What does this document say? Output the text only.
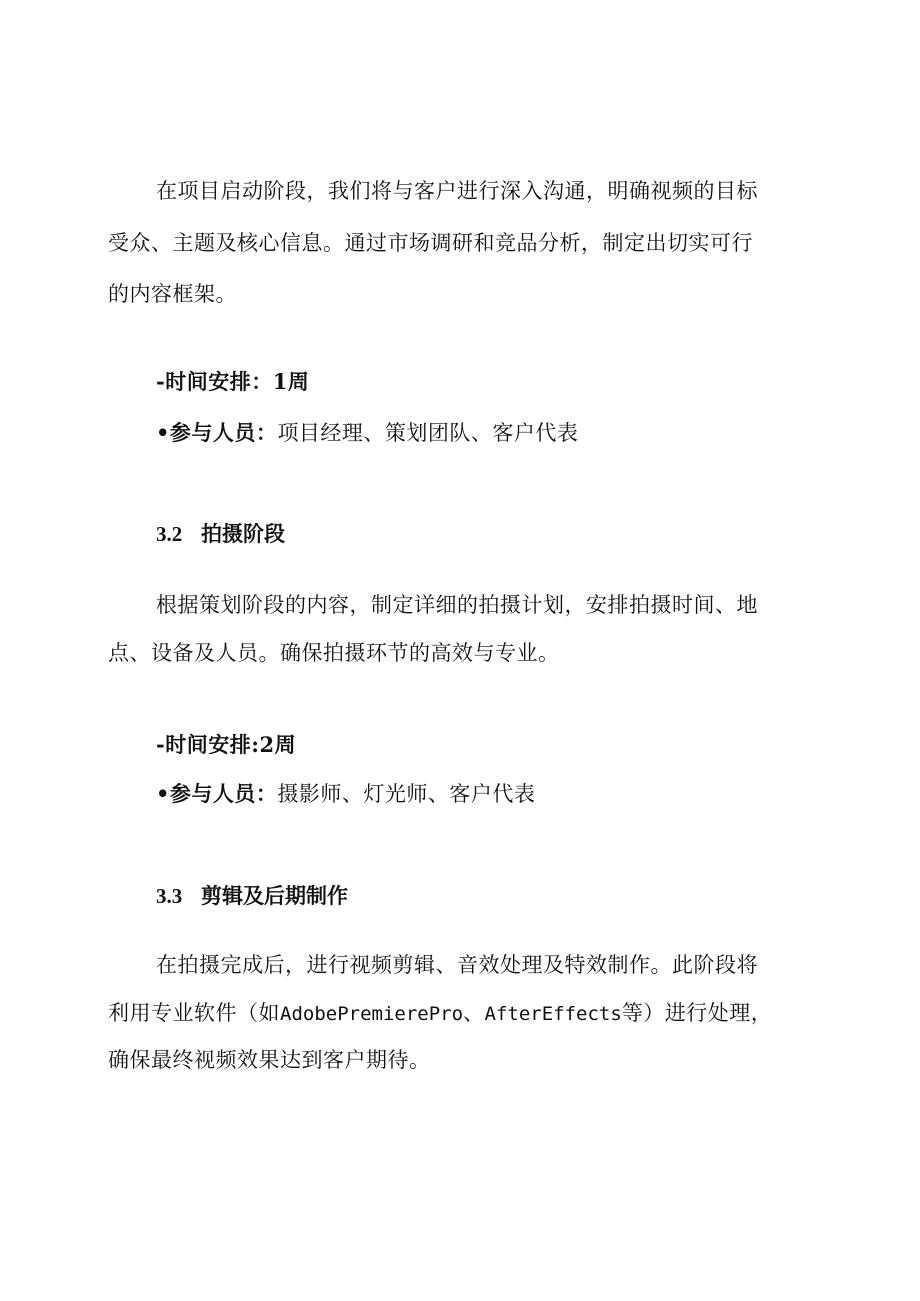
在项目启动阶段，我们将与客户进行深入沟通，明确视频的目标
受众、主题及核心信息。通过市场调研和竞品分析，制定出切实可行
的内容框架。
-时间安排：1周
•参与人员：项目经理、策划团队、客户代表
3.2 拍摄阶段
根据策划阶段的内容，制定详细的拍摄计划，安排拍摄时间、地
点、设备及人员。确保拍摄环节的高效与专业。
-时间安排:2周
•参与人员：摄影师、灯光师、客户代表
3.3 剪辑及后期制作
在拍摄完成后，进行视频剪辑、音效处理及特效制作。此阶段将
利用专业软件（如AdobePremierePro、AfterEffects等）进行处理，
确保最终视频效果达到客户期待。
